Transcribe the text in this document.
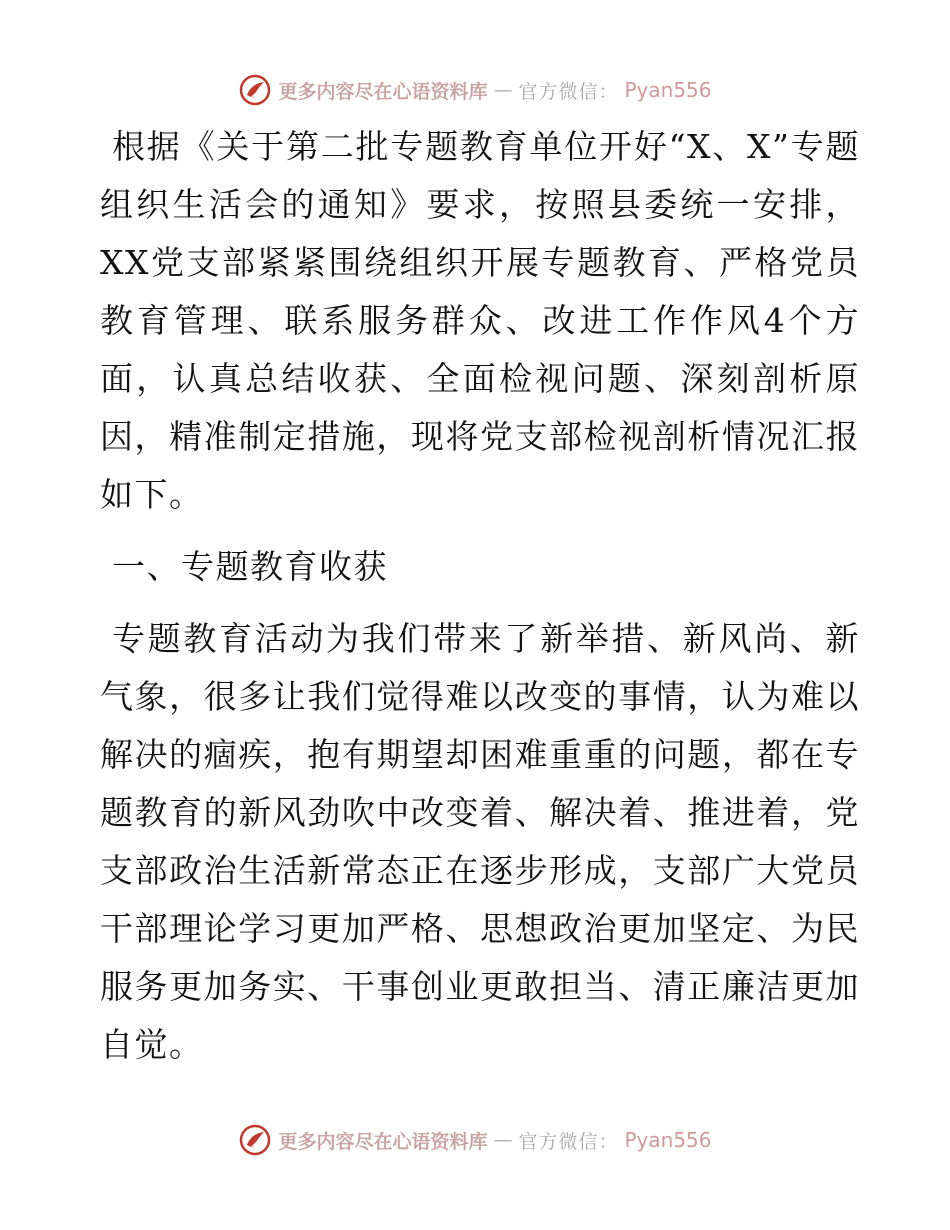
更多内容尽在心语资料库 — 官方微信： Pyan556

根据《关于第二批专题教育单位开好“X、X”专题组织生活会的通知》要求，按照县委统一安排，XX党支部紧紧围绕组织开展专题教育、严格党员教育管理、联系服务群众、改进工作作风4个方面，认真总结收获、全面检视问题、深刻剖析原因，精准制定措施，现将党支部检视剖析情况汇报如下。

一、专题教育收获

专题教育活动为我们带来了新举措、新风尚、新气象，很多让我们觉得难以改变的事情，认为难以解决的痼疾，抱有期望却困难重重的问题，都在专题教育的新风劲吹中改变着、解决着、推进着，党支部政治生活新常态正在逐步形成，支部广大党员干部理论学习更加严格、思想政治更加坚定、为民服务更加务实、干事创业更敢担当、清正廉洁更加自觉。

更多内容尽在心语资料库 — 官方微信： Pyan556
